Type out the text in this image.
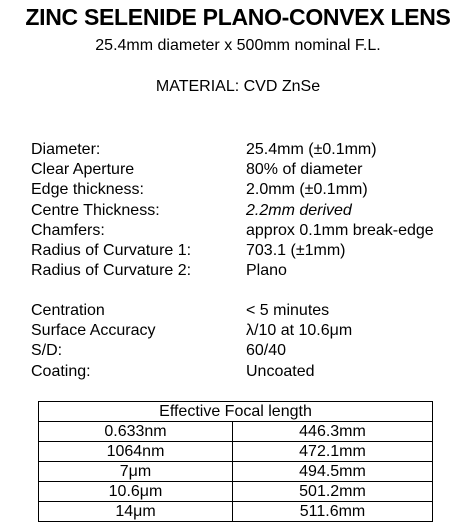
ZINC SELENIDE PLANO-CONVEX LENS
25.4mm diameter x 500mm nominal F.L.
MATERIAL: CVD ZnSe
Diameter:	25.4mm (±0.1mm)
Clear Aperture	80% of diameter
Edge thickness:	2.0mm (±0.1mm)
Centre Thickness:	2.2mm derived
Chamfers:	approx 0.1mm break-edge
Radius of Curvature 1:	703.1 (±1mm)
Radius of Curvature 2:	Plano
Centration	< 5 minutes
Surface Accuracy	λ/10 at 10.6μm
S/D:	60/40
Coating:	Uncoated
Effective Focal length	
0.633nm	446.3mm
1064nm	472.1mm
7μm	494.5mm
10.6μm	501.2mm
14μm	511.6mm
